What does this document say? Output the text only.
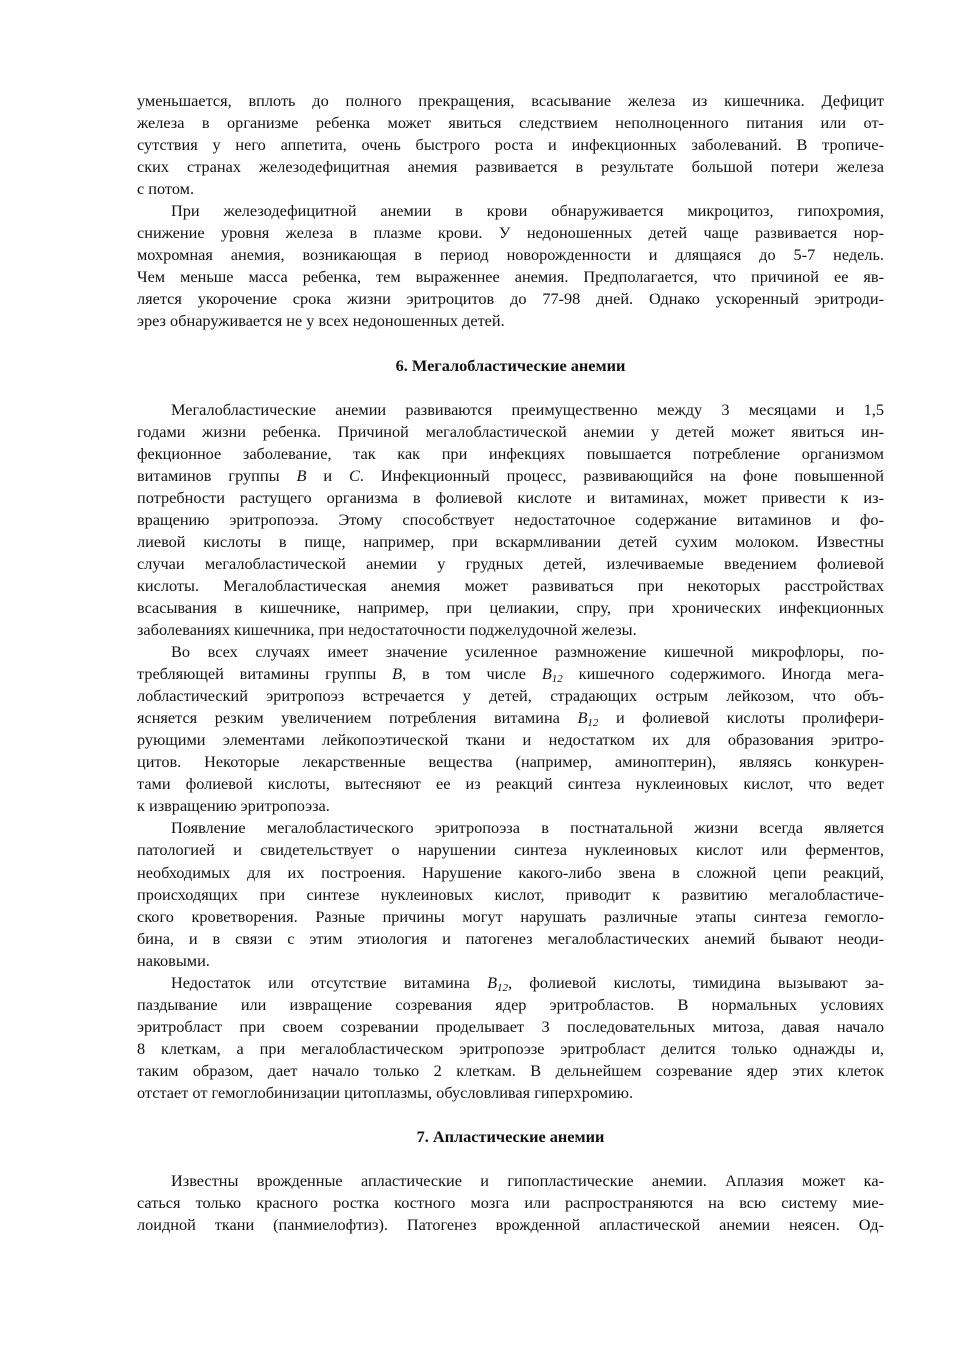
уменьшается, вплоть до полного прекращения, всасывание железа из кишечника. Дефицит
железа в организме ребенка может явиться следствием неполноценного питания или от-
сутствия у него аппетита, очень быстрого роста и инфекционных заболеваний. В тропиче-
ских странах железодефицитная анемия развивается в результате большой потери железа
с потом.
При железодефицитной анемии в крови обнаруживается микроцитоз, гипохромия,
снижение уровня железа в плазме крови. У недоношенных детей чаще развивается нор-
мохромная анемия, возникающая в период новорожденности и длящаяся до 5-7 недель.
Чем меньше масса ребенка, тем выраженнее анемия. Предполагается, что причиной ее яв-
ляется укорочение срока жизни эритроцитов до 77-98 дней. Однако ускоренный эритроди-
эрез обнаруживается не у всех недоношенных детей.
6. Мегалобластические анемии
Мегалобластические анемии развиваются преимущественно между 3 месяцами и 1,5
годами жизни ребенка. Причиной мегалобластической анемии у детей может явиться ин-
фекционное заболевание, так как при инфекциях повышается потребление организмом
витаминов группы B и C. Инфекционный процесс, развивающийся на фоне повышенной
потребности растущего организма в фолиевой кислоте и витаминах, может привести к из-
вращению эритропоэза. Этому способствует недостаточное содержание витаминов и фо-
лиевой кислоты в пище, например, при вскармливании детей сухим молоком. Известны
случаи мегалобластической анемии у грудных детей, излечиваемые введением фолиевой
кислоты. Мегалобластическая анемия может развиваться при некоторых расстройствах
всасывания в кишечнике, например, при целиакии, спру, при хронических инфекционных
заболеваниях кишечника, при недостаточности поджелудочной железы.
Во всех случаях имеет значение усиленное размножение кишечной микрофлоры, по-
требляющей витамины группы B, в том числе $B_{12}$ кишечного содержимого. Иногда мега-
лобластический эритропоэз встречается у детей, страдающих острым лейкозом, что объ-
ясняется резким увеличением потребления витамина $B_{12}$ и фолиевой кислоты пролифери-
рующими элементами лейкопоэтической ткани и недостатком их для образования эритро-
цитов. Некоторые лекарственные вещества (например, аминоптерин), являясь конкурен-
тами фолиевой кислоты, вытесняют ее из реакций синтеза нуклеиновых кислот, что ведет
к извращению эритропоэза.
Появление мегалобластического эритропоэза в постнатальной жизни всегда является
патологией и свидетельствует о нарушении синтеза нуклеиновых кислот или ферментов,
необходимых для их построения. Нарушение какого-либо звена в сложной цепи реакций,
происходящих при синтезе нуклеиновых кислот, приводит к развитию мегалобластиче-
ского кроветворения. Разные причины могут нарушать различные этапы синтеза гемогло-
бина, и в связи с этим этиология и патогенез мегалобластических анемий бывают неоди-
наковыми.
Недостаток или отсутствие витамина $B_{12}$, фолиевой кислоты, тимидина вызывают за-
паздывание или извращение созревания ядер эритробластов. В нормальных условиях
эритробласт при своем созревании проделывает 3 последовательных митоза, давая начало
8 клеткам, а при мегалобластическом эритропоэзе эритробласт делится только однажды и,
таким образом, дает начало только 2 клеткам. В дельнейшем созревание ядер этих клеток
отстает от гемоглобинизации цитоплазмы, обусловливая гиперхромию.
7. Апластические анемии
Известны врожденные апластические и гипопластические анемии. Аплазия может ка-
саться только красного ростка костного мозга или распространяются на всю систему мие-
лоидной ткани (панмиелофтиз). Патогенез врожденной апластической анемии неясен. Од-
